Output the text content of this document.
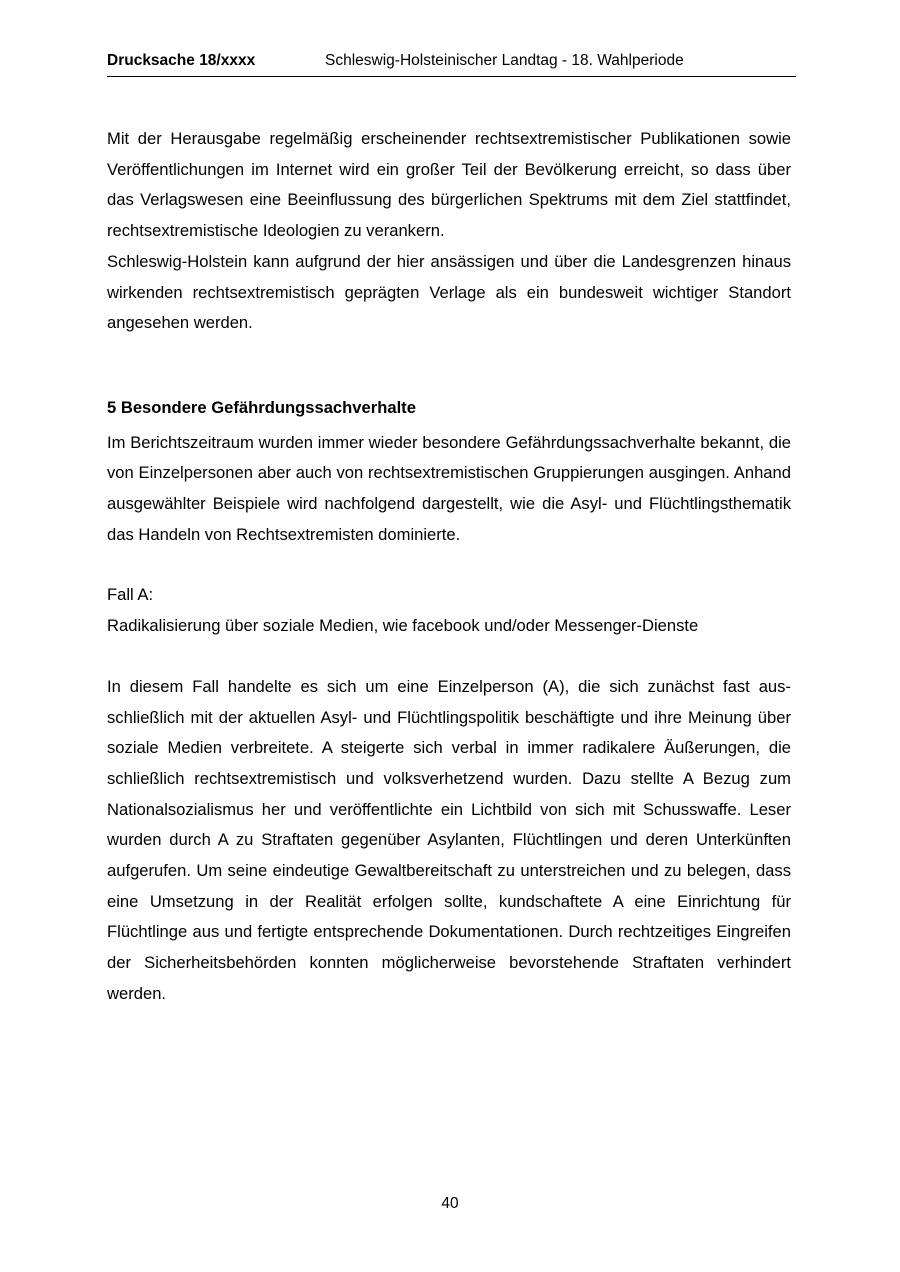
Drucksache 18/xxxx	Schleswig-Holsteinischer Landtag - 18. Wahlperiode

Mit der Herausgabe regelmäßig erscheinender rechtsextremistischer Publikationen sowie Veröffentlichungen im Internet wird ein großer Teil der Bevölkerung erreicht, so dass über das Verlagswesen eine Beeinflussung des bürgerlichen Spektrums mit dem Ziel stattfindet, rechtsextremistische Ideologien zu verankern.

Schleswig-Holstein kann aufgrund der hier ansässigen und über die Landesgrenzen hinaus wirkenden rechtsextremistisch geprägten Verlage als ein bundesweit wichtiger Standort angesehen werden.

5 Besondere Gefährdungssachverhalte

Im Berichtszeitraum wurden immer wieder besondere Gefährdungssachverhalte bekannt, die von Einzelpersonen aber auch von rechtsextremistischen Gruppierungen ausgingen. Anhand ausgewählter Beispiele wird nachfolgend dargestellt, wie die Asyl- und Flüchtlingsthematik das Handeln von Rechtsextremisten dominierte.

Fall A:

Radikalisierung über soziale Medien, wie facebook und/oder Messenger-Dienste

In diesem Fall handelte es sich um eine Einzelperson (A), die sich zunächst fast ausschließlich mit der aktuellen Asyl- und Flüchtlingspolitik beschäftigte und ihre Meinung über soziale Medien verbreitete. A steigerte sich verbal in immer radikalere Äußerungen, die schließlich rechtsextremistisch und volksverhetzend wurden. Dazu stellte A Bezug zum Nationalsozialismus her und veröffentlichte ein Lichtbild von sich mit Schusswaffe. Leser wurden durch A zu Straftaten gegenüber Asylanten, Flüchtlingen und deren Unterkünften aufgerufen. Um seine eindeutige Gewaltbereitschaft zu unterstreichen und zu belegen, dass eine Umsetzung in der Realität erfolgen sollte, kundschaftete A eine Einrichtung für Flüchtlinge aus und fertigte entsprechende Dokumentationen. Durch rechtzeitiges Eingreifen der Sicherheitsbehörden konnten möglicherweise bevorstehende Straftaten verhindert werden.

40
